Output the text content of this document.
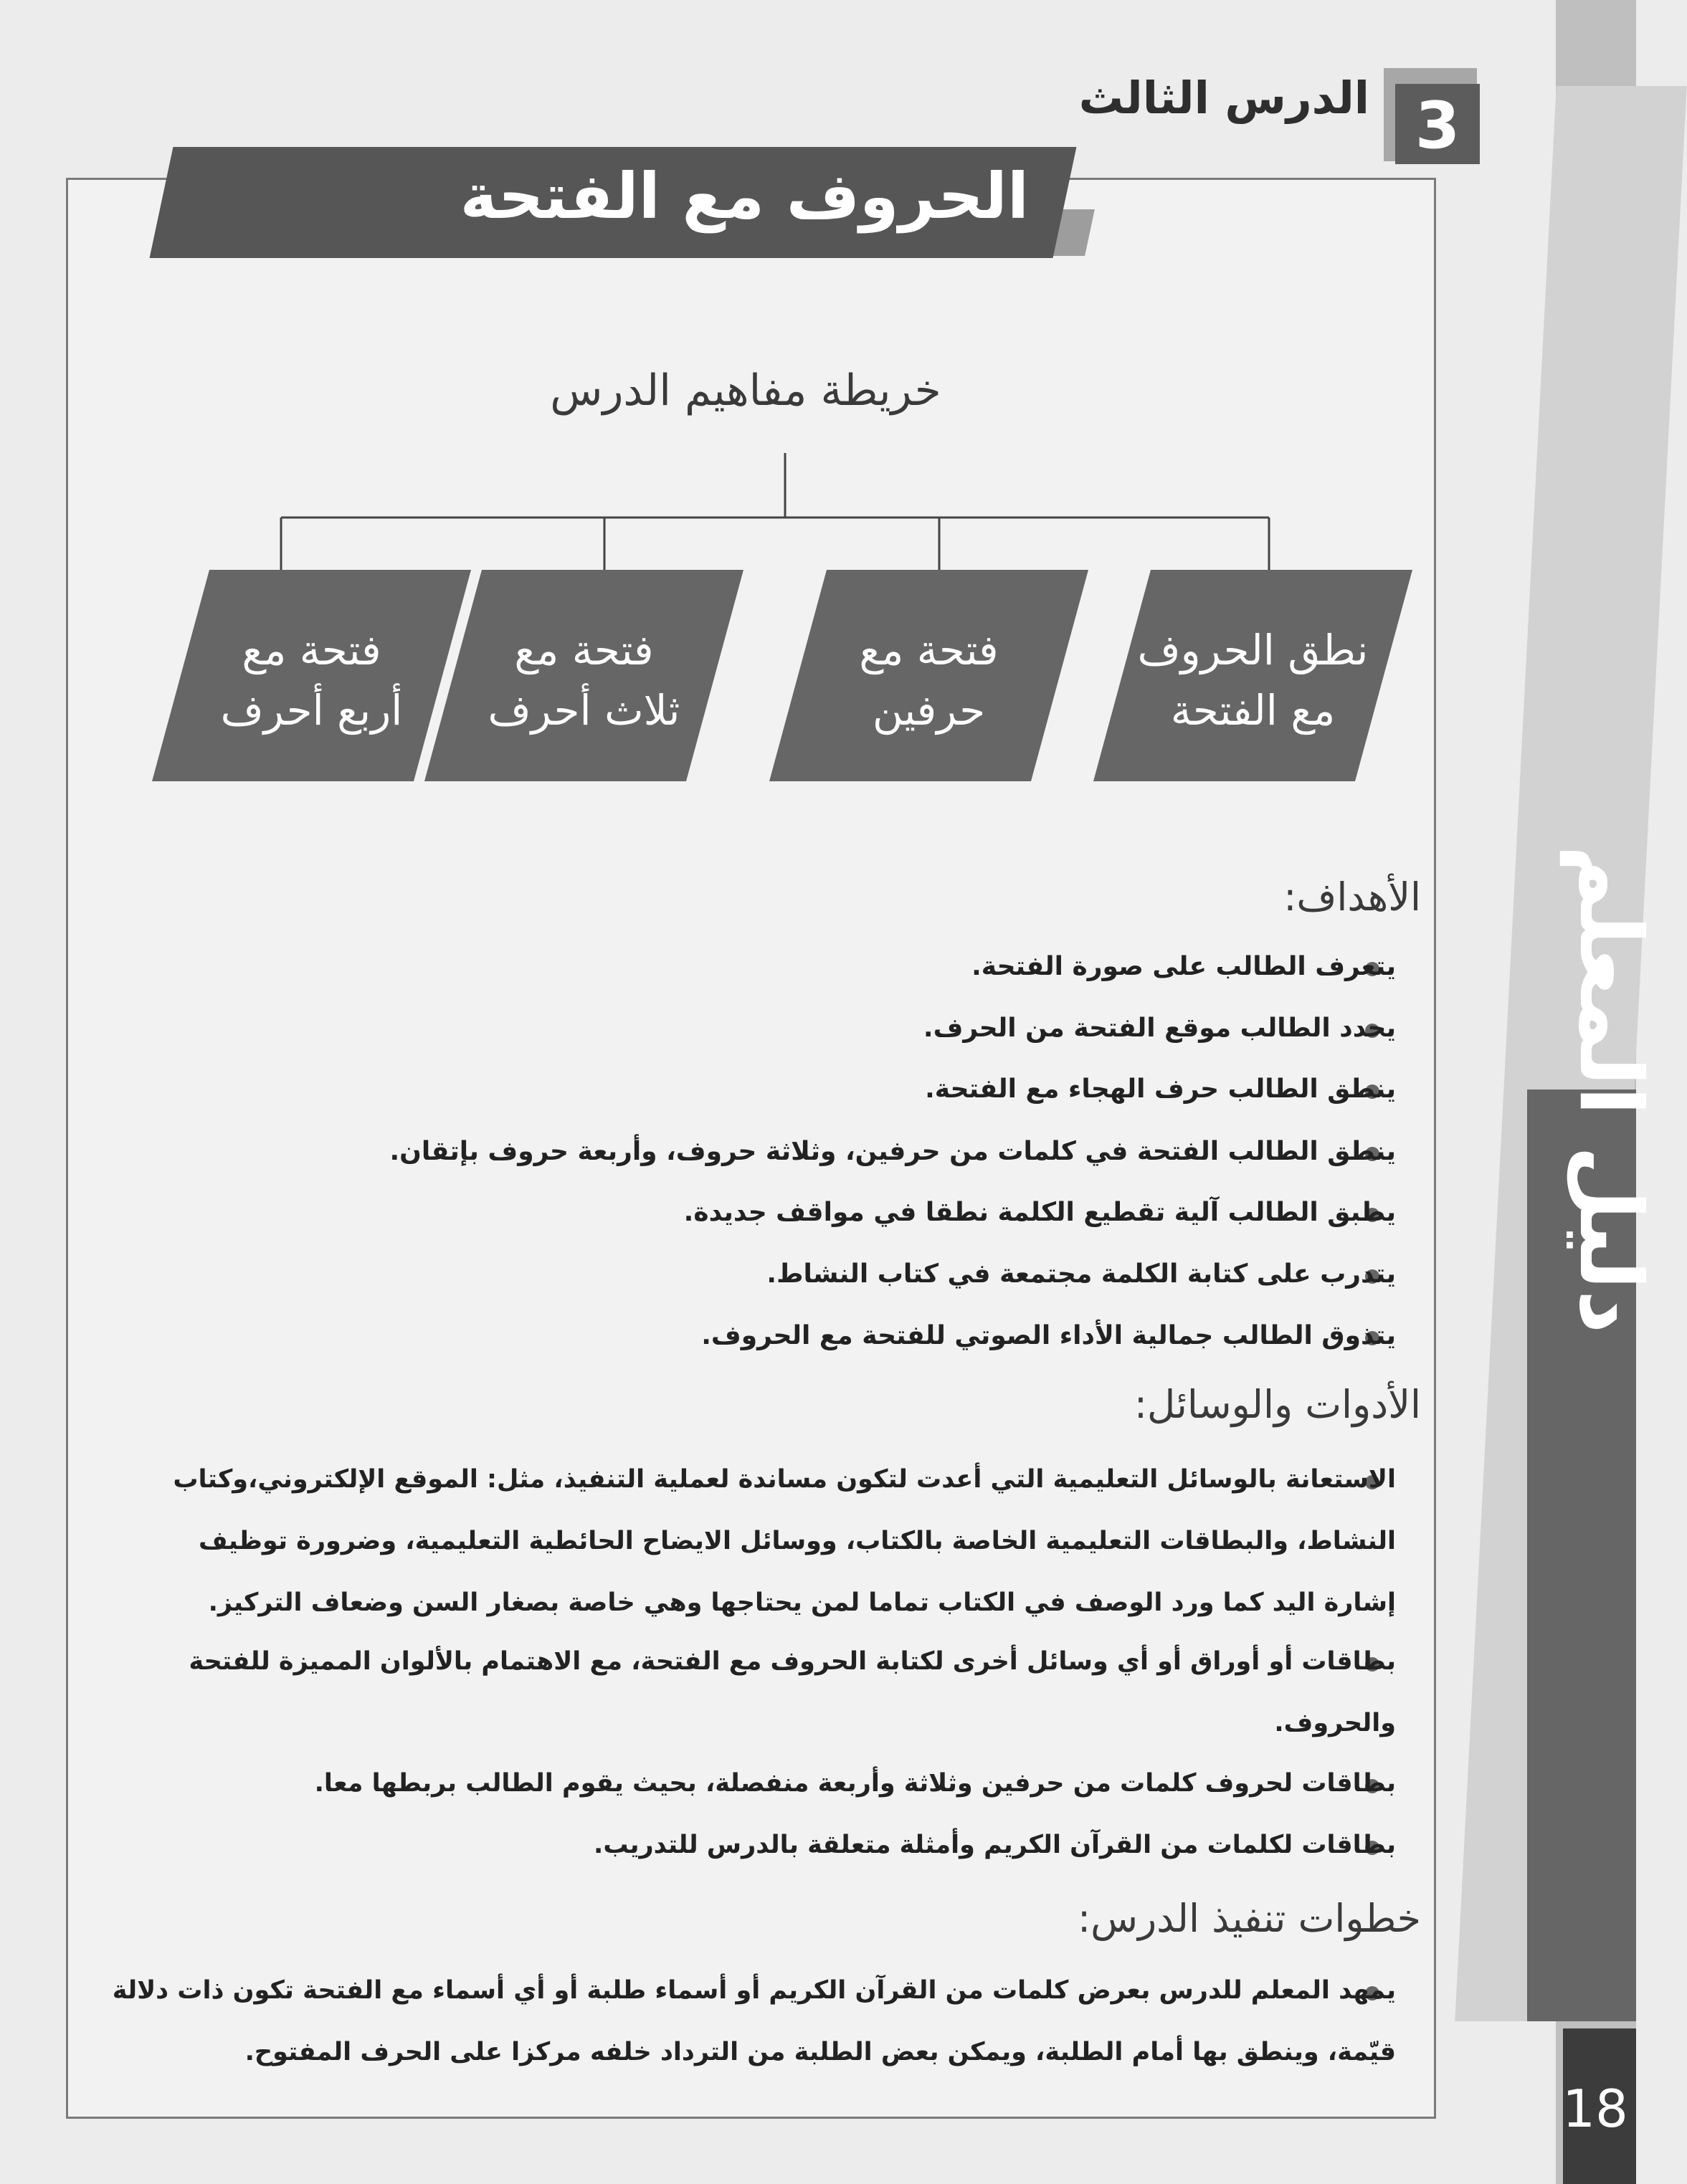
دليل المعلم
18
3
الدرس الثالث
الحروف مع الفتحة
خريطة مفاهيم الدرس
نطق الحروف
مع الفتحة
فتحة مع
حرفين
فتحة مع
ثلاث أحرف
فتحة مع
أربع أحرف
الأهداف:
يتعرف الطالب على صورة الفتحة.
يحدد الطالب موقع الفتحة من الحرف.
ينطق الطالب حرف الهجاء مع الفتحة.
ينطق الطالب الفتحة في كلمات من حرفين، وثلاثة حروف، وأربعة حروف بإتقان.
يطبق الطالب آلية تقطيع الكلمة نطقا في مواقف جديدة.
يتدرب على كتابة الكلمة مجتمعة في كتاب النشاط.
يتذوق الطالب جمالية الأداء الصوتي للفتحة مع الحروف.
الأدوات والوسائل:
الاستعانة بالوسائل التعليمية التي أعدت لتكون مساندة لعملية التنفيذ، مثل: الموقع الإلكتروني،وكتاب
النشاط، والبطاقات التعليمية الخاصة بالكتاب، ووسائل الايضاح الحائطية التعليمية، وضرورة توظيف
إشارة اليد كما ورد الوصف في الكتاب تماما لمن يحتاجها وهي خاصة بصغار السن وضعاف التركيز.
بطاقات أو أوراق أو أي وسائل أخرى لكتابة الحروف مع الفتحة، مع الاهتمام بالألوان المميزة للفتحة
والحروف.
بطاقات لحروف كلمات من حرفين وثلاثة وأربعة منفصلة، بحيث يقوم الطالب بربطها معا.
بطاقات لكلمات من القرآن الكريم وأمثلة متعلقة بالدرس للتدريب.
خطوات تنفيذ الدرس:
يمهد المعلم للدرس بعرض كلمات من القرآن الكريم أو أسماء طلبة أو أي أسماء مع الفتحة تكون ذات دلالة
قيّمة، وينطق بها أمام الطلبة، ويمكن بعض الطلبة من الترداد خلفه مركزا على الحرف المفتوح.
